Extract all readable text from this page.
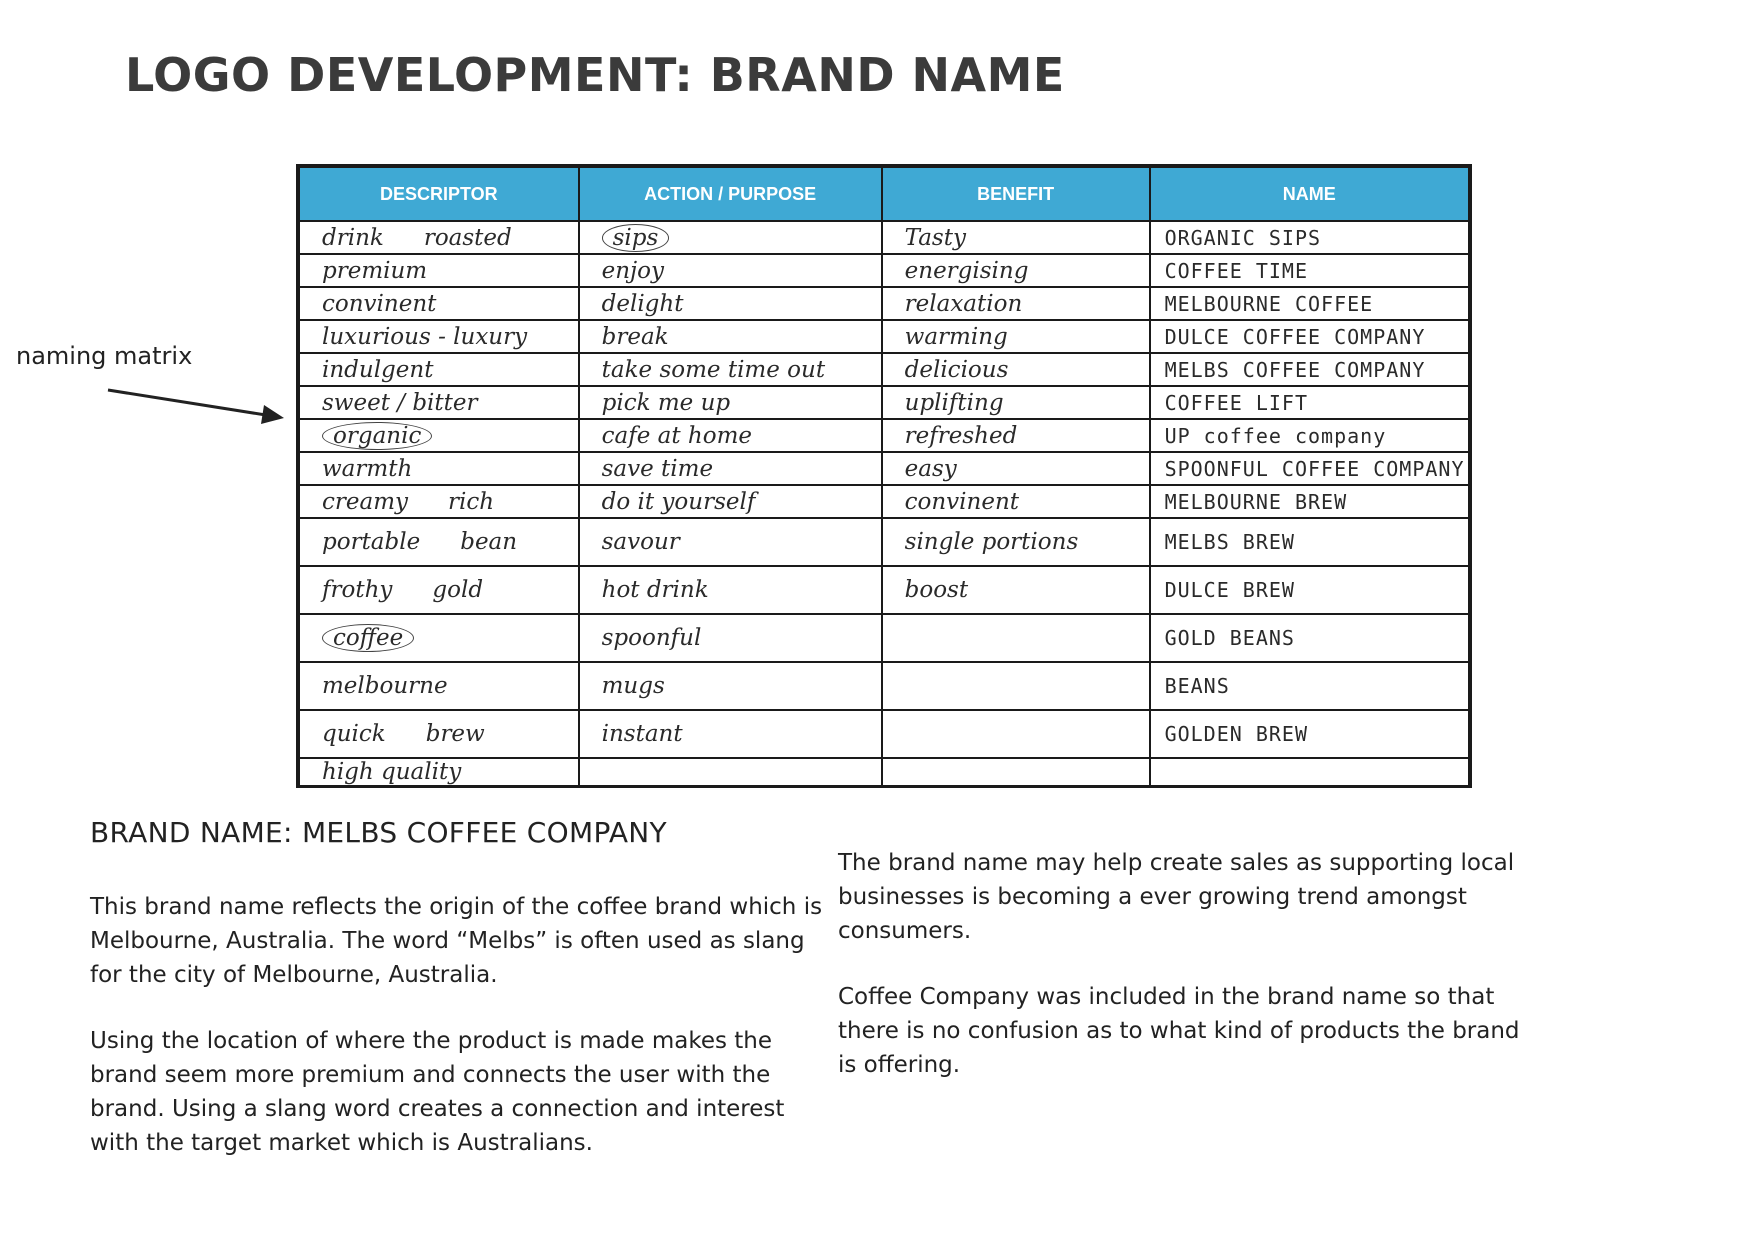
LOGO DEVELOPMENT: BRAND NAME
naming matrix
DESCRIPTOR	ACTION / PURPOSE	BENEFIT	NAME
drink roasted	sips	Tasty	ORGANIC SIPS
premium	enjoy	energising	COFFEE TIME
convinent	delight	relaxation	MELBOURNE COFFEE
luxurious - luxury	break	warming	DULCE COFFEE COMPANY
indulgent	take some time out	delicious	MELBS COFFEE COMPANY
sweet / bitter	pick me up	uplifting	COFFEE LIFT
organic	cafe at home	refreshed	UP coffee company
warmth	save time	easy	SPOONFUL COFFEE COMPANY
creamy rich	do it yourself	convinent	MELBOURNE BREW
portable bean	savour	single portions	MELBS BREW
frothy gold	hot drink	boost	DULCE BREW
coffee	spoonful		GOLD BEANS
melbourne	mugs		BEANS
quick brew	instant		GOLDEN BREW
high quality			
BRAND NAME: MELBS COFFEE COMPANY

This brand name reflects the origin of the coffee brand which is Melbourne, Australia. The word “Melbs” is often used as slang for the city of Melbourne, Australia.

Using the location of where the product is made makes the brand seem more premium and connects the user with the brand. Using a slang word creates a connection and interest with the target market which is Australians.

The brand name may help create sales as supporting local businesses is becoming a ever growing trend amongst consumers.

Coffee Company was included in the brand name so that there is no confusion as to what kind of products the brand is offering.
